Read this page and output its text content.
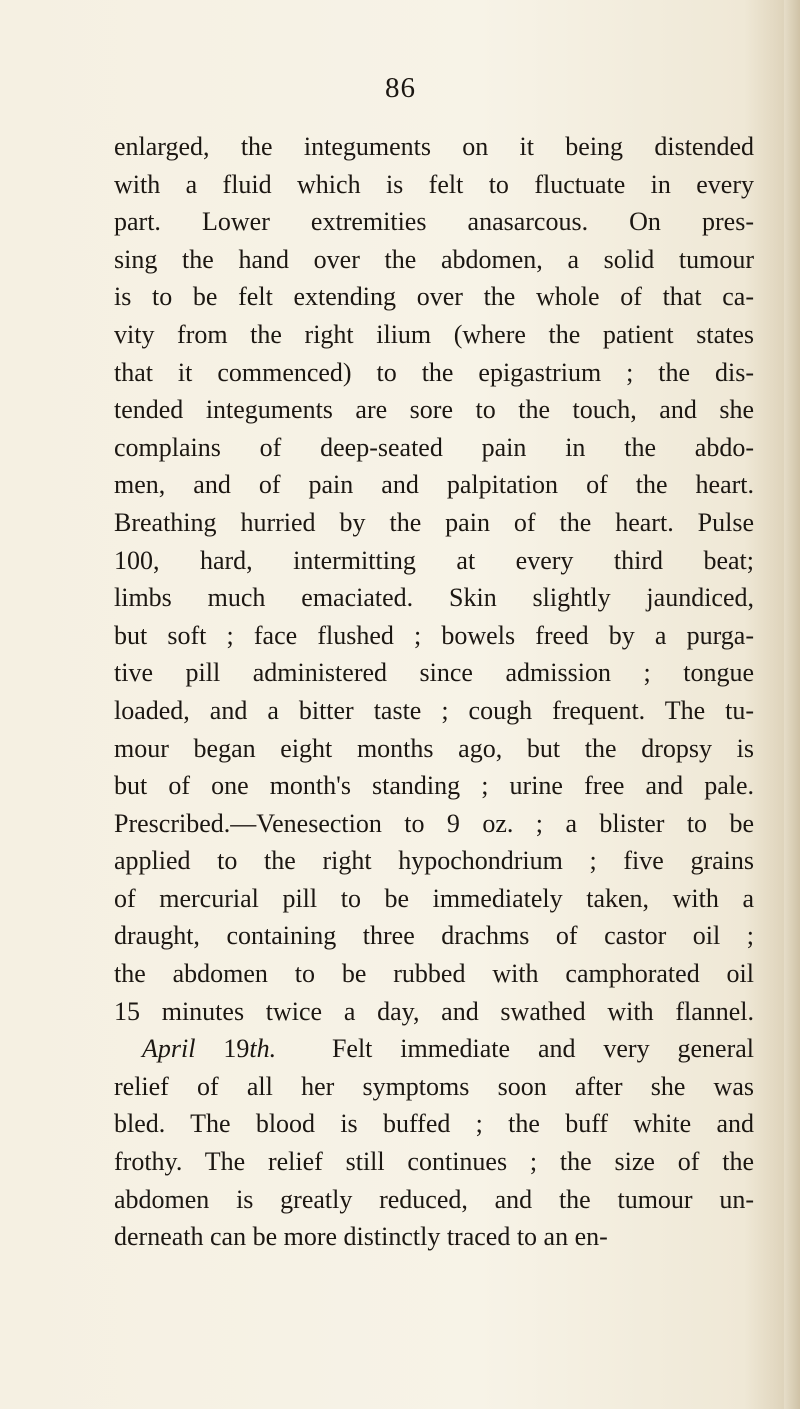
86
enlarged, the integuments on it being distended
with a fluid which is felt to fluctuate in every
part. Lower extremities anasarcous. On pres-
sing the hand over the abdomen, a solid tumour
is to be felt extending over the whole of that ca-
vity from the right ilium (where the patient states
that it commenced) to the epigastrium ; the dis-
tended integuments are sore to the touch, and she
complains of deep-seated pain in the abdo-
men, and of pain and palpitation of the heart.
Breathing hurried by the pain of the heart. Pulse
100, hard, intermitting at every third beat;
limbs much emaciated. Skin slightly jaundiced,
but soft ; face flushed ; bowels freed by a purga-
tive pill administered since admission ; tongue
loaded, and a bitter taste ; cough frequent. The tu-
mour began eight months ago, but the dropsy is
but of one month's standing ; urine free and pale.
Prescribed.—Venesection to 9 oz. ; a blister to be
applied to the right hypochondrium ; five grains
of mercurial pill to be immediately taken, with a
draught, containing three drachms of castor oil ;
the abdomen to be rubbed with camphorated oil
15 minutes twice a day, and swathed with flannel.
April 19th. Felt immediate and very general
relief of all her symptoms soon after she was
bled. The blood is buffed ; the buff white and
frothy. The relief still continues ; the size of the
abdomen is greatly reduced, and the tumour un-
derneath can be more distinctly traced to an en-
